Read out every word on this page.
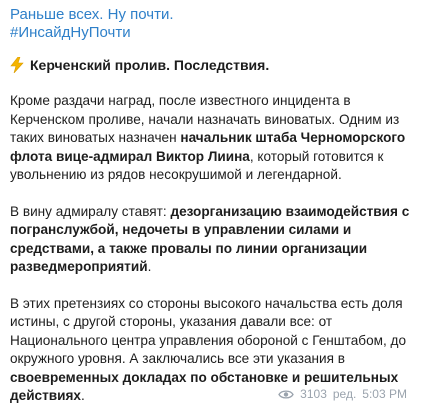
Раньше всех. Ну почти.
#ИнсайдНуПочти
Керченский пролив. Последствия.

Кроме раздачи наград, после известного инцидента в Керченском проливе, начали назначать виноватых. Одним из таких виноватых назначен начальник штаба Черноморского флота вице-адмирал Виктор Лиина, который готовится к увольнению из рядов несокрушимой и легендарной.

В вину адмиралу ставят: дезорганизацию взаимодействия с погранслужбой, недочеты в управлении силами и средствами, а также провалы по линии организации разведмероприятий.

В этих претензиях со стороны высокого начальства есть доля истины, с другой стороны, указания давали все: от Национального центра управления обороной с Генштабом, до окружного уровня. А заключались все эти указания в своевременных докладах по обстановке и решительных действиях.	3103 ред. 5:03 PM
